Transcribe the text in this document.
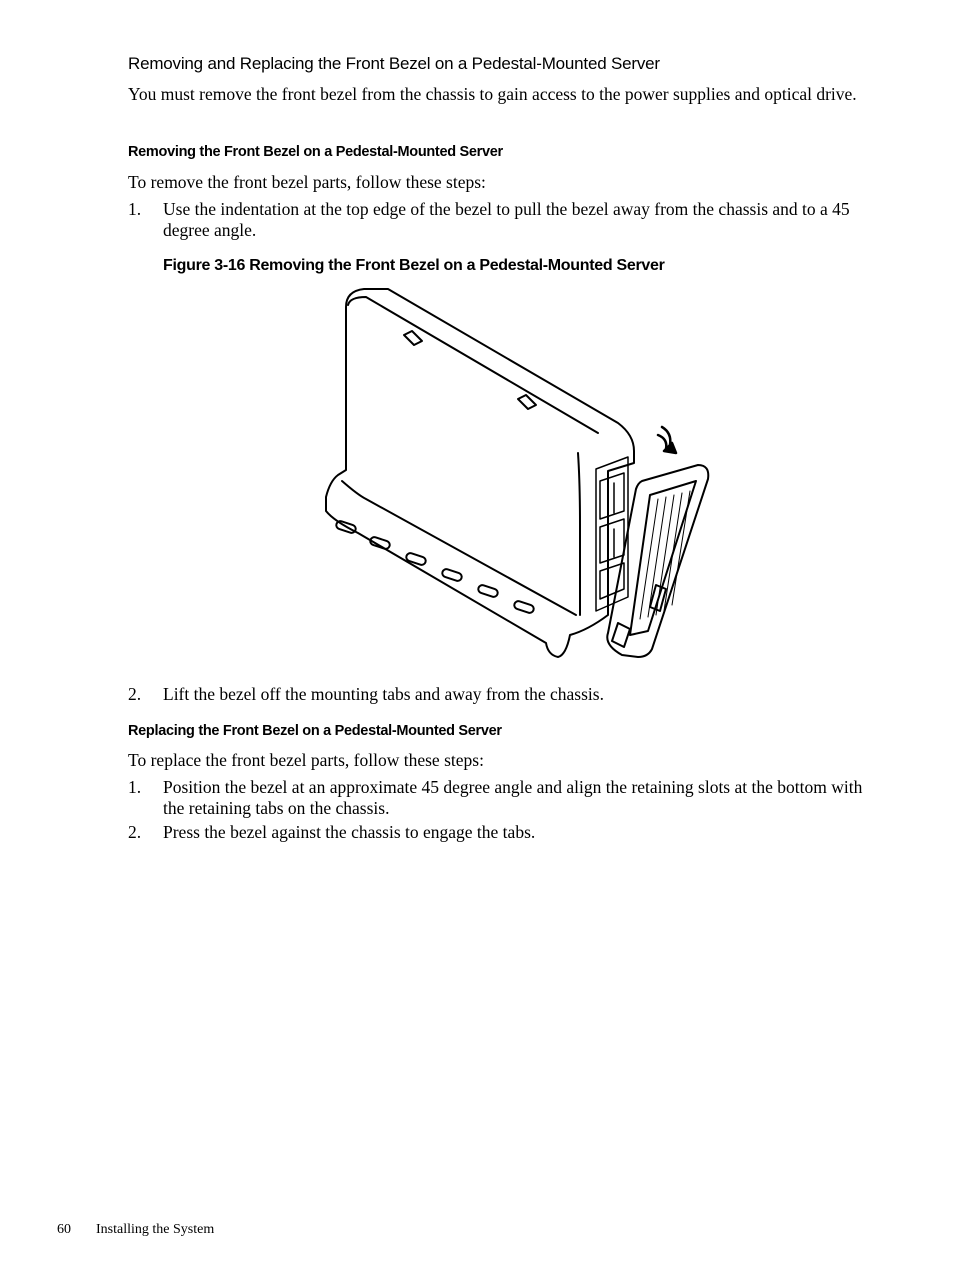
Removing and Replacing the Front Bezel on a Pedestal-Mounted Server
You must remove the front bezel from the chassis to gain access to the power supplies and optical drive.
Removing the Front Bezel on a Pedestal-Mounted Server
To remove the front bezel parts, follow these steps:
1. Use the indentation at the top edge of the bezel to pull the bezel away from the chassis and to a 45 degree angle.
Figure 3-16 Removing the Front Bezel on a Pedestal-Mounted Server
2. Lift the bezel off the mounting tabs and away from the chassis.
Replacing the Front Bezel on a Pedestal-Mounted Server
To replace the front bezel parts, follow these steps:
1. Position the bezel at an approximate 45 degree angle and align the retaining slots at the bottom with the retaining tabs on the chassis.
2. Press the bezel against the chassis to engage the tabs.
60 Installing the System
